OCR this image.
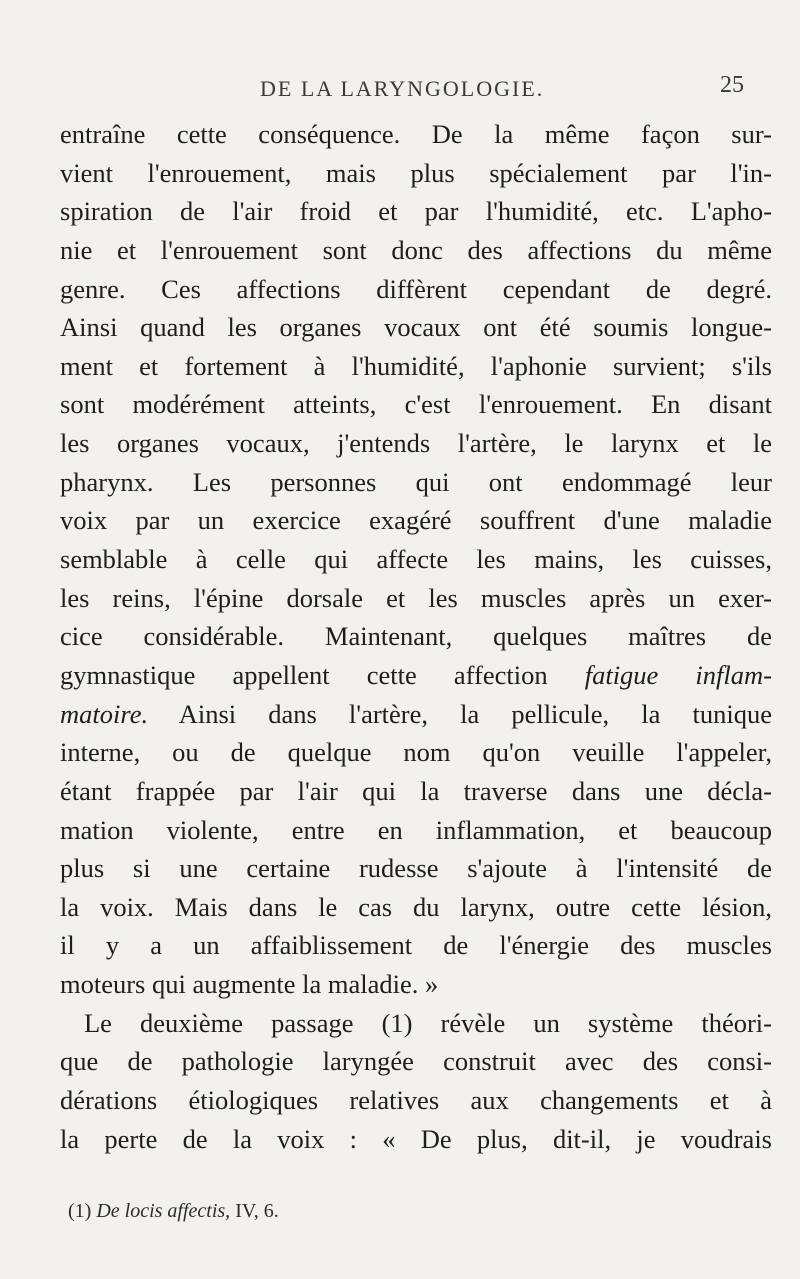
DE LA LARYNGOLOGIE.	25
entraîne cette conséquence. De la même façon sur-
vient l'enrouement, mais plus spécialement par l'in-
spiration de l'air froid et par l'humidité, etc. L'apho-
nie et l'enrouement sont donc des affections du même
genre. Ces affections diffèrent cependant de degré.
Ainsi quand les organes vocaux ont été soumis longue-
ment et fortement à l'humidité, l'aphonie survient; s'ils
sont modérément atteints, c'est l'enrouement. En disant
les organes vocaux, j'entends l'artère, le larynx et le
pharynx. Les personnes qui ont endommagé leur
voix par un exercice exagéré souffrent d'une maladie
semblable à celle qui affecte les mains, les cuisses,
les reins, l'épine dorsale et les muscles après un exer-
cice considérable. Maintenant, quelques maîtres de
gymnastique appellent cette affection fatigue inflam-
matoire. Ainsi dans l'artère, la pellicule, la tunique
interne, ou de quelque nom qu'on veuille l'appeler,
étant frappée par l'air qui la traverse dans une décla-
mation violente, entre en inflammation, et beaucoup
plus si une certaine rudesse s'ajoute à l'intensité de
la voix. Mais dans le cas du larynx, outre cette lésion,
il y a un affaiblissement de l'énergie des muscles
moteurs qui augmente la maladie. »
Le deuxième passage (1) révèle un système théori-
que de pathologie laryngée construit avec des consi-
dérations étiologiques relatives aux changements et à
la perte de la voix : « De plus, dit-il, je voudrais
(1) De locis affectis, IV, 6.
